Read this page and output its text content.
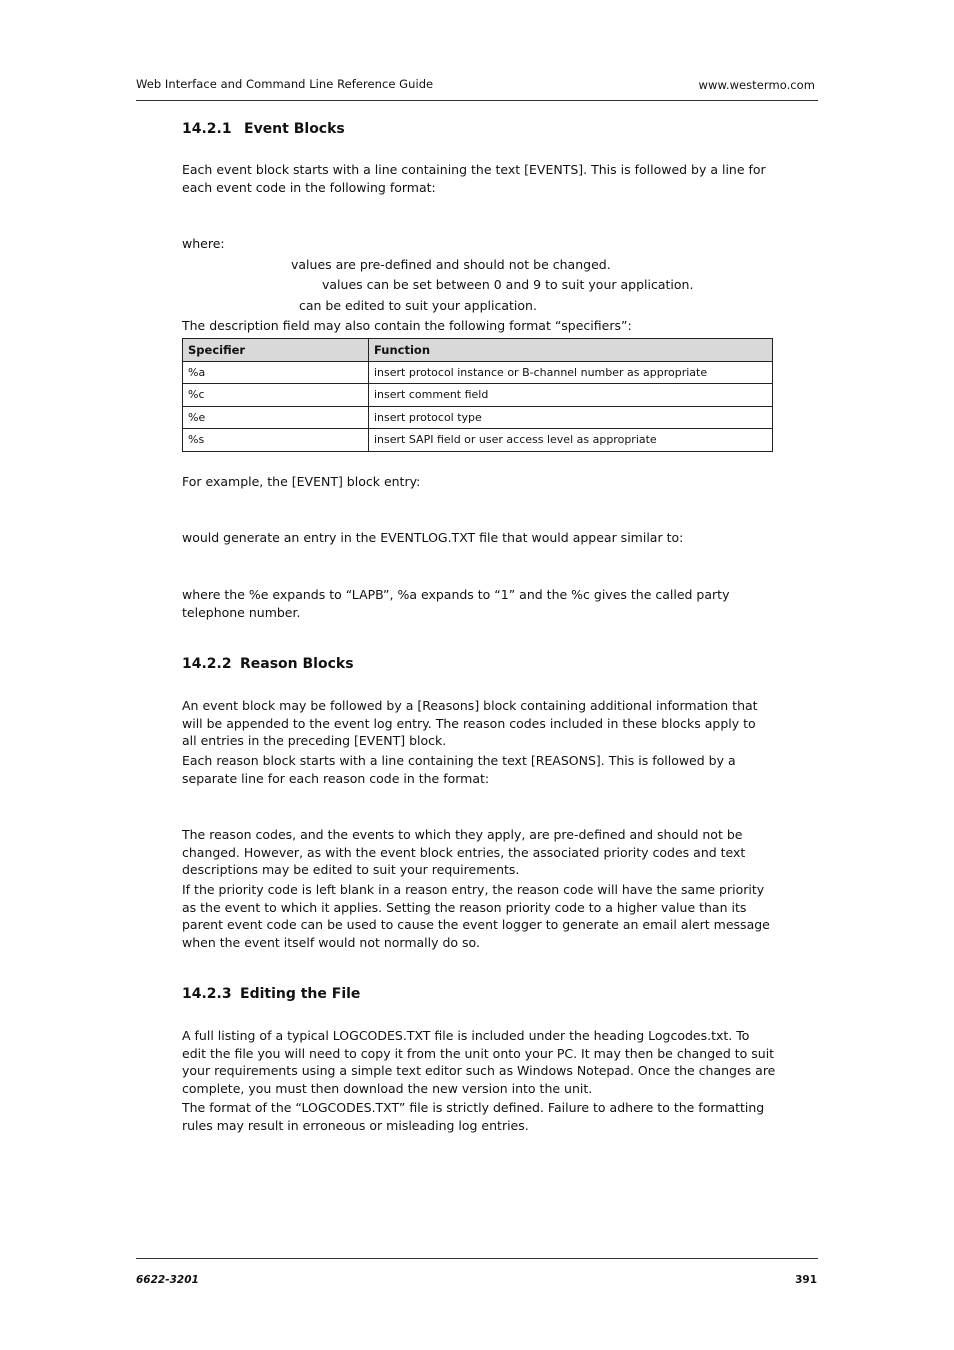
Web Interface and Command Line Reference Guide	www.westermo.com
14.2.1 Event Blocks
Each event block starts with a line containing the text [EVENTS]. This is followed by a line for each event code in the following format:
where:
values are pre-defined and should not be changed.
values can be set between 0 and 9 to suit your application.
can be edited to suit your application.
The description field may also contain the following format “specifiers”:
Specifier	Function
%a	insert protocol instance or B-channel number as appropriate
%c	insert comment field
%e	insert protocol type
%s	insert SAPI field or user access level as appropriate
For example, the [EVENT] block entry:
would generate an entry in the EVENTLOG.TXT file that would appear similar to:
where the %e expands to “LAPB”, %a expands to “1” and the %c gives the called party telephone number.
14.2.2 Reason Blocks
An event block may be followed by a [Reasons] block containing additional information that will be appended to the event log entry. The reason codes included in these blocks apply to all entries in the preceding [EVENT] block.
Each reason block starts with a line containing the text [REASONS]. This is followed by a separate line for each reason code in the format:
The reason codes, and the events to which they apply, are pre-defined and should not be changed. However, as with the event block entries, the associated priority codes and text descriptions may be edited to suit your requirements.
If the priority code is left blank in a reason entry, the reason code will have the same priority as the event to which it applies. Setting the reason priority code to a higher value than its parent event code can be used to cause the event logger to generate an email alert message when the event itself would not normally do so.
14.2.3 Editing the File
A full listing of a typical LOGCODES.TXT file is included under the heading Logcodes.txt. To edit the file you will need to copy it from the unit onto your PC. It may then be changed to suit your requirements using a simple text editor such as Windows Notepad. Once the changes are complete, you must then download the new version into the unit.
The format of the “LOGCODES.TXT” file is strictly defined. Failure to adhere to the formatting rules may result in erroneous or misleading log entries.
6622-3201	391
